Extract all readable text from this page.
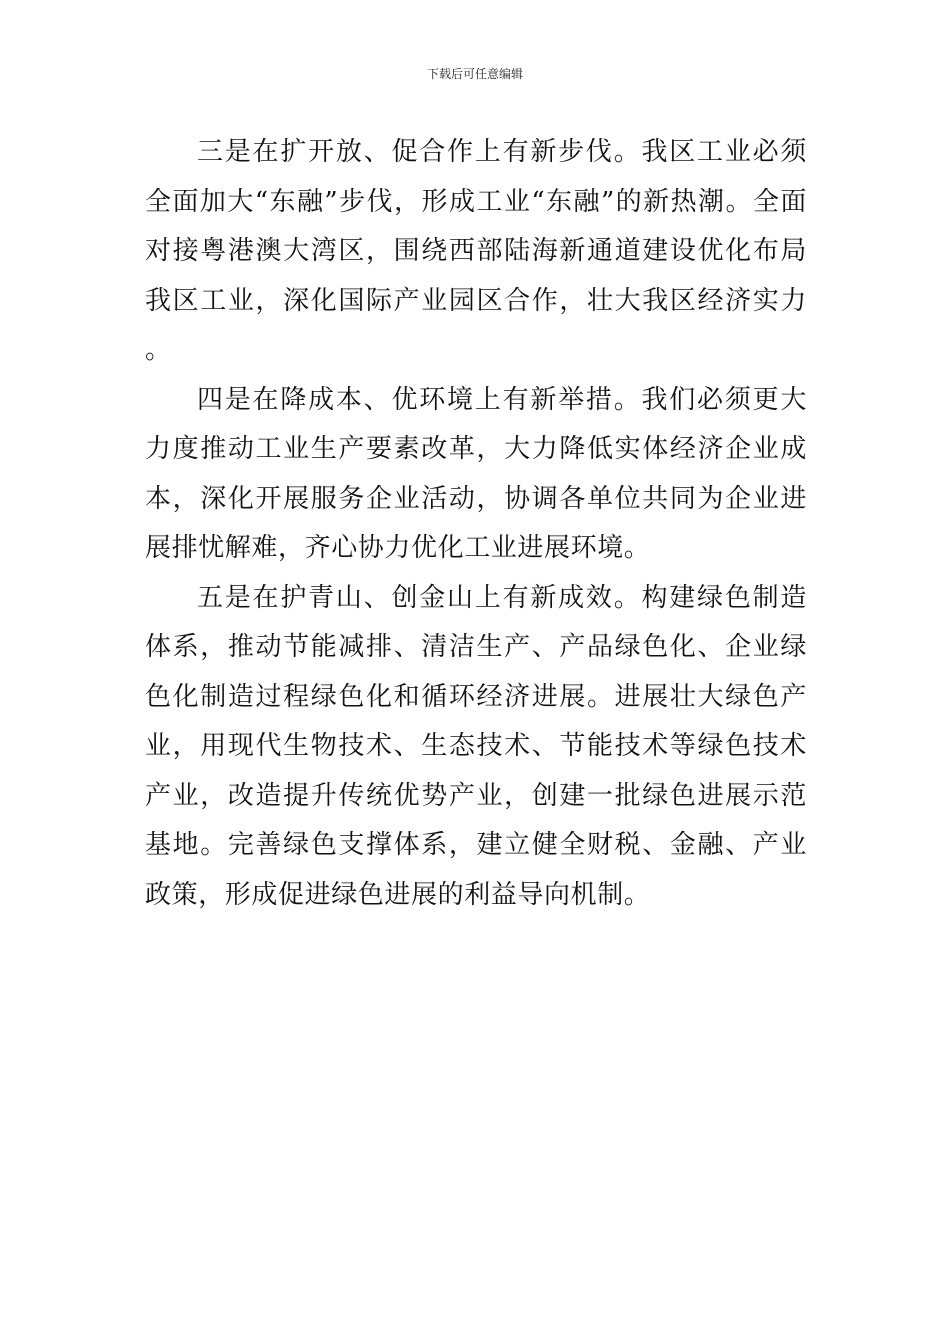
下载后可任意编辑

三是在扩开放、促合作上有新步伐。我区工业必须全面加大“东融”步伐，形成工业“东融”的新热潮。全面对接粤港澳大湾区，围绕西部陆海新通道建设优化布局我区工业，深化国际产业园区合作，壮大我区经济实力。

四是在降成本、优环境上有新举措。我们必须更大力度推动工业生产要素改革，大力降低实体经济企业成本，深化开展服务企业活动，协调各单位共同为企业进展排忧解难，齐心协力优化工业进展环境。

五是在护青山、创金山上有新成效。构建绿色制造体系，推动节能减排、清洁生产、产品绿色化、企业绿色化制造过程绿色化和循环经济进展。进展壮大绿色产业，用现代生物技术、生态技术、节能技术等绿色技术产业，改造提升传统优势产业，创建一批绿色进展示范基地。完善绿色支撑体系，建立健全财税、金融、产业政策，形成促进绿色进展的利益导向机制。
